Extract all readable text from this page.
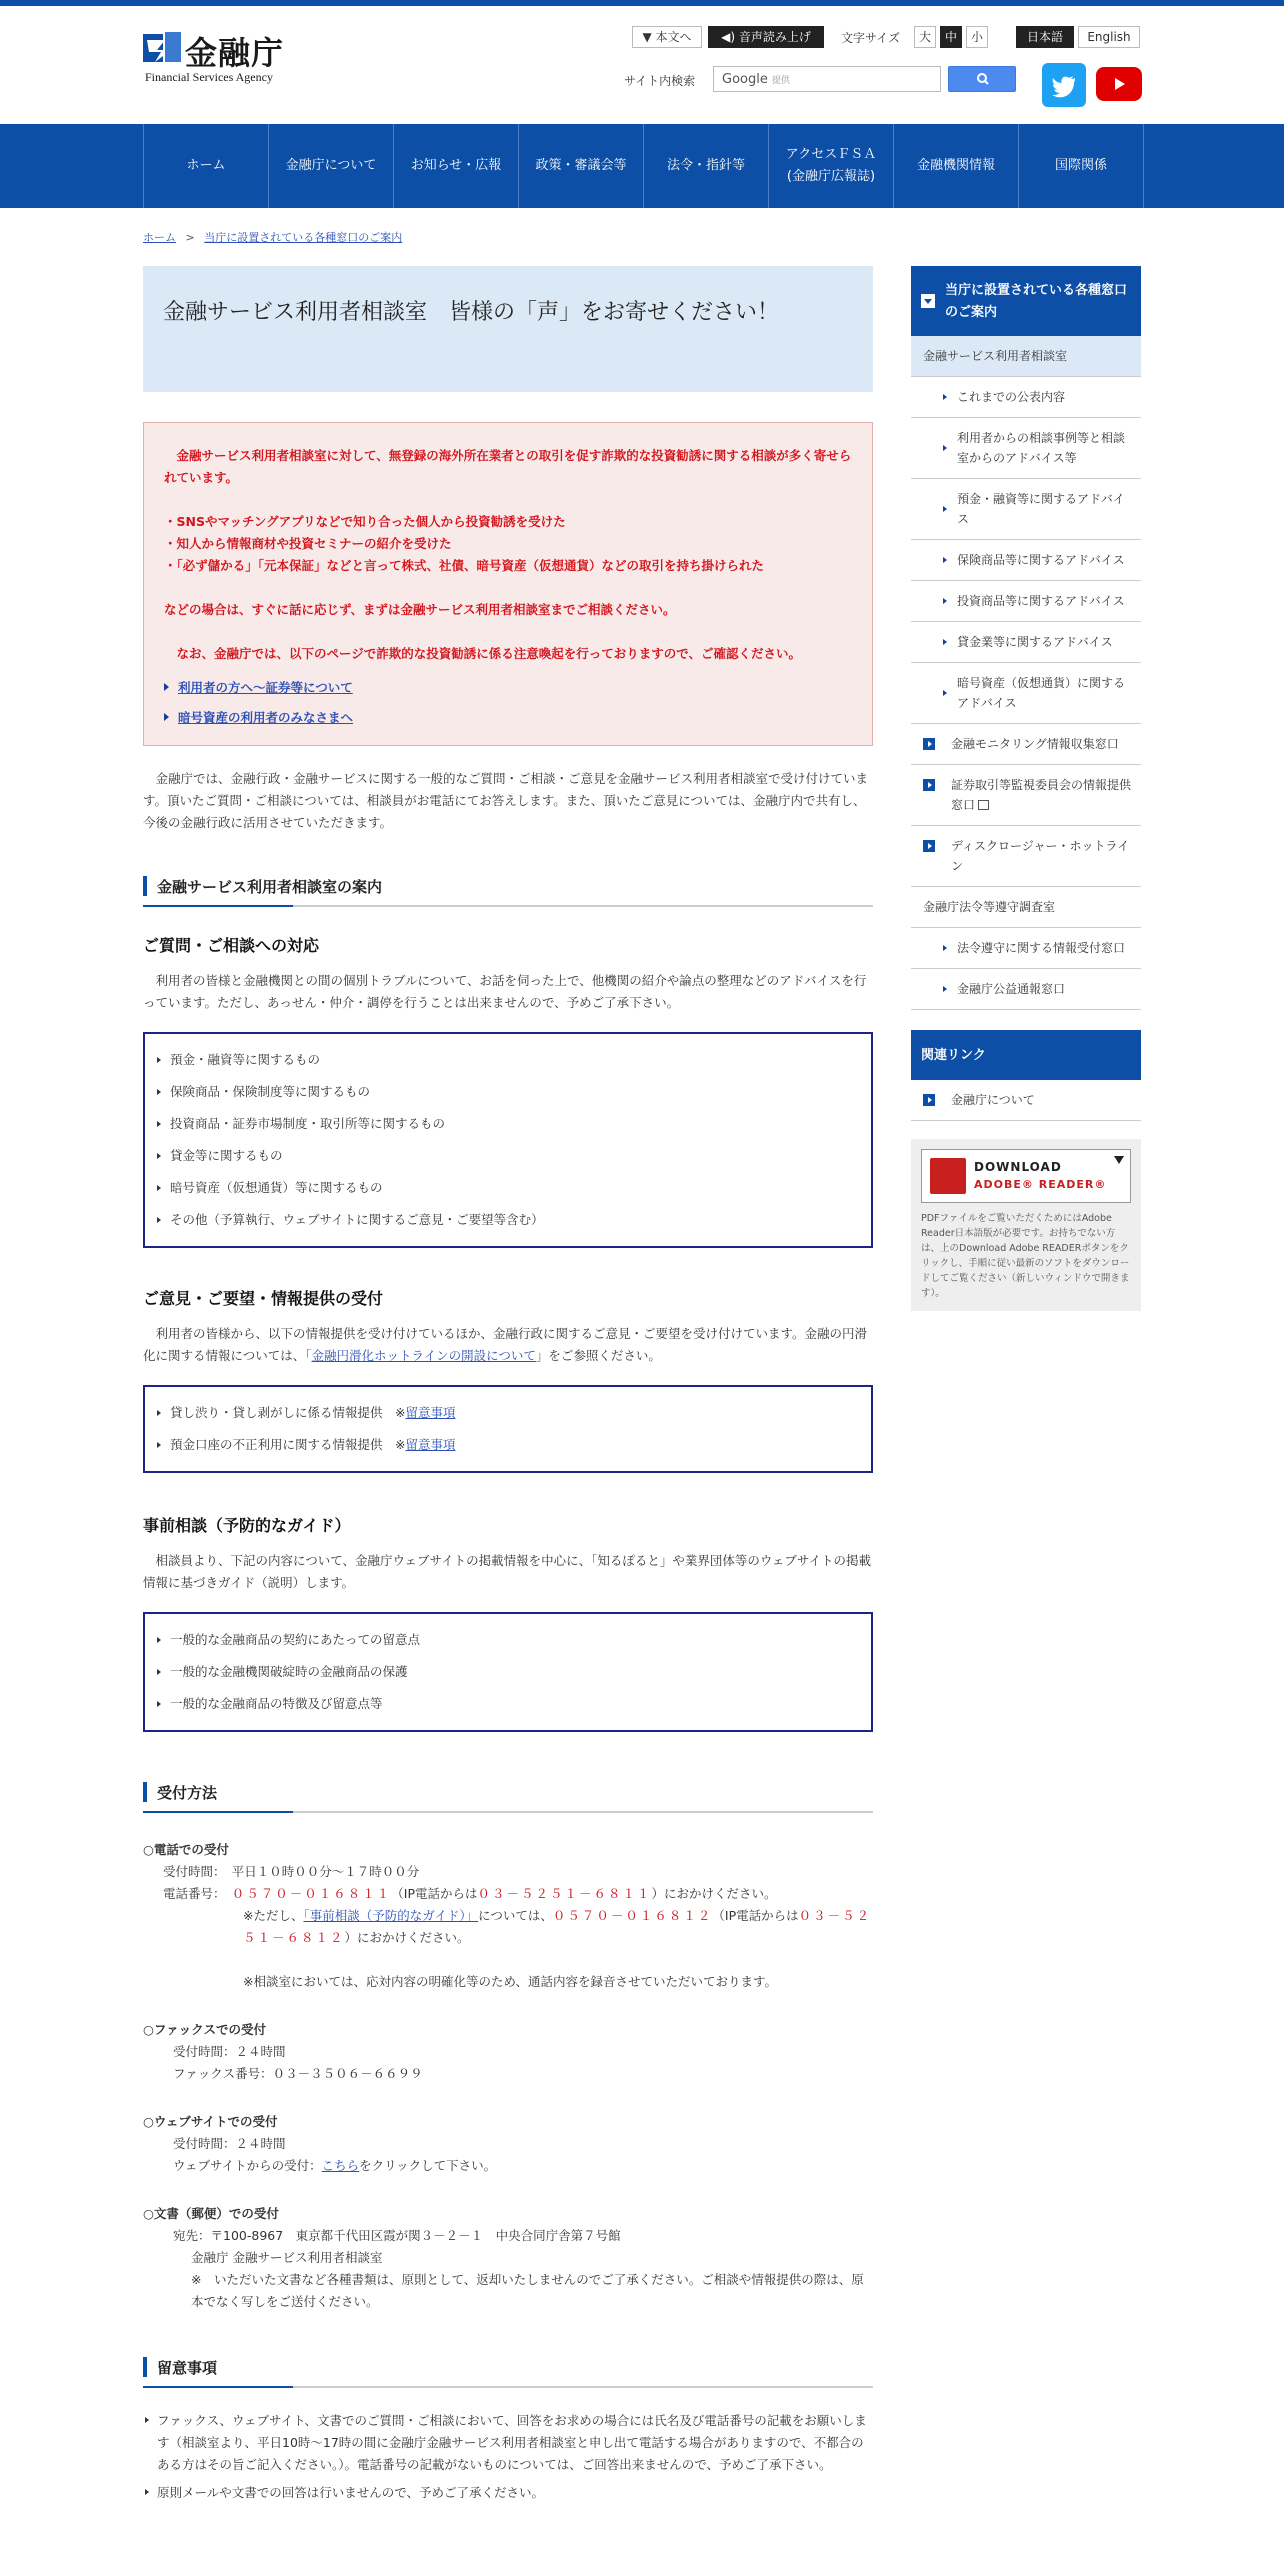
金融庁
Financial Services Agency
▼ 本文へ	◀) 音声読み上げ	文字サイズ	大	中	小	日本語	English
サイト内検索 Google 提供
ホーム	金融庁について	お知らせ・広報	政策・審議会等	法令・指針等
アクセスＦＳＡ
(金融庁広報誌)
金融機関情報	国際関係
ホーム > 当庁に設置されている各種窓口のご案内
金融サービス利用者相談室　皆様の「声」をお寄せください！

　金融サービス利用者相談室に対して、無登録の海外所在業者との取引を促す詐欺的な投資勧誘に関する相談が多く寄せられています。

・SNSやマッチングアプリなどで知り合った個人から投資勧誘を受けた

・知人から情報商材や投資セミナーの紹介を受けた

・「必ず儲かる」「元本保証」などと言って株式、社債、暗号資産（仮想通貨）などの取引を持ち掛けられた

などの場合は、すぐに話に応じず、まずは金融サービス利用者相談室までご相談ください。

　なお、金融庁では、以下のページで詐欺的な投資勧誘に係る注意喚起を行っておりますので、ご確認ください。

利用者の方へ～証券等について
暗号資産の利用者のみなさまへ

金融庁では、金融行政・金融サービスに関する一般的なご質問・ご相談・ご意見を金融サービス利用者相談室で受け付けています。頂いたご質問・ご相談については、相談員がお電話にてお答えします。また、頂いたご意見については、金融庁内で共有し、今後の金融行政に活用させていただきます。

金融サービス利用者相談室の案内
ご質問・ご相談への対応

利用者の皆様と金融機関との間の個別トラブルについて、お話を伺った上で、他機関の紹介や論点の整理などのアドバイスを行っています。ただし、あっせん・仲介・調停を行うことは出来ませんので、予めご了承下さい。

預金・融資等に関するもの
保険商品・保険制度等に関するもの
投資商品・証券市場制度・取引所等に関するもの
貸金等に関するもの
暗号資産（仮想通貨）等に関するもの
その他（予算執行、ウェブサイトに関するご意見・ご要望等含む）
ご意見・ご要望・情報提供の受付

利用者の皆様から、以下の情報提供を受け付けているほか、金融行政に関するご意見・ご要望を受け付けています。金融の円滑化に関する情報については、「金融円滑化ホットラインの開設について」をご参照ください。

貸し渋り・貸し剥がしに係る情報提供　※留意事項
預金口座の不正利用に関する情報提供　※留意事項
事前相談（予防的なガイド）

相談員より、下記の内容について、金融庁ウェブサイトの掲載情報を中心に、「知るぽると」や業界団体等のウェブサイトの掲載情報に基づきガイド（説明）します。

一般的な金融商品の契約にあたっての留意点
一般的な金融機関破綻時の金融商品の保護
一般的な金融商品の特徴及び留意点等
受付方法
○電話での受付
受付時間：　平日１０時００分～１７時００分
電話番号：　 ０５７０－０１６８１１（IP電話からは０３－５２５１－６８１１）におかけください。
※ただし、「事前相談（予防的なガイド）」については、０５７０－０１６８１２（IP電話からは０３－５２５１－６８１２）におかけください。
※相談室においては、応対内容の明確化等のため、通話内容を録音させていただいております。
○ファックスでの受付
受付時間：２４時間
ファックス番号：０３－３５０６－６６９９
○ウェブサイトでの受付
受付時間：２４時間
ウェブサイトからの受付：こちらをクリックして下さい。
○文書（郵便）での受付
宛先：〒100-8967　東京都千代田区霞が関３－２－１　中央合同庁舎第７号館
金融庁 金融サービス利用者相談室
※　いただいた文書など各種書類は、原則として、返却いたしませんのでご了承ください。ご相談や情報提供の際は、原本でなく写しをご送付ください。
留意事項
ファックス、ウェブサイト、文書でのご質問・ご相談において、回答をお求めの場合には氏名及び電話番号の記載をお願いします（相談室より、平日10時～17時の間に金融庁金融サービス利用者相談室と申し出て電話する場合がありますので、不都合のある方はその旨ご記入ください。）。電話番号の記載がないものについては、ご回答出来ませんので、予めご了承下さい。
原則メールや文書での回答は行いませんので、予めご了承ください。
当庁に設置されている各種窓口のご案内
金融サービス利用者相談室
これまでの公表内容
利用者からの相談事例等と相談室からのアドバイス等
預金・融資等に関するアドバイス
保険商品等に関するアドバイス
投資商品等に関するアドバイス
貸金業等に関するアドバイス
暗号資産（仮想通貨）に関するアドバイス
金融モニタリング情報収集窓口
証券取引等監視委員会の情報提供窓口
ディスクロージャー・ホットライン
金融庁法令等遵守調査室
法令遵守に関する情報受付窓口
金融庁公益通報窓口
関連リンク
金融庁について
DOWNLOAD
ADOBE® READER®

PDFファイルをご覧いただくためにはAdobe Reader日本語版が必要です。お持ちでない方は、上のDownload Adobe READERボタンをクリックし、手順に従い最新のソフトをダウンロードしてご覧ください（新しいウィンドウで開きます）。
